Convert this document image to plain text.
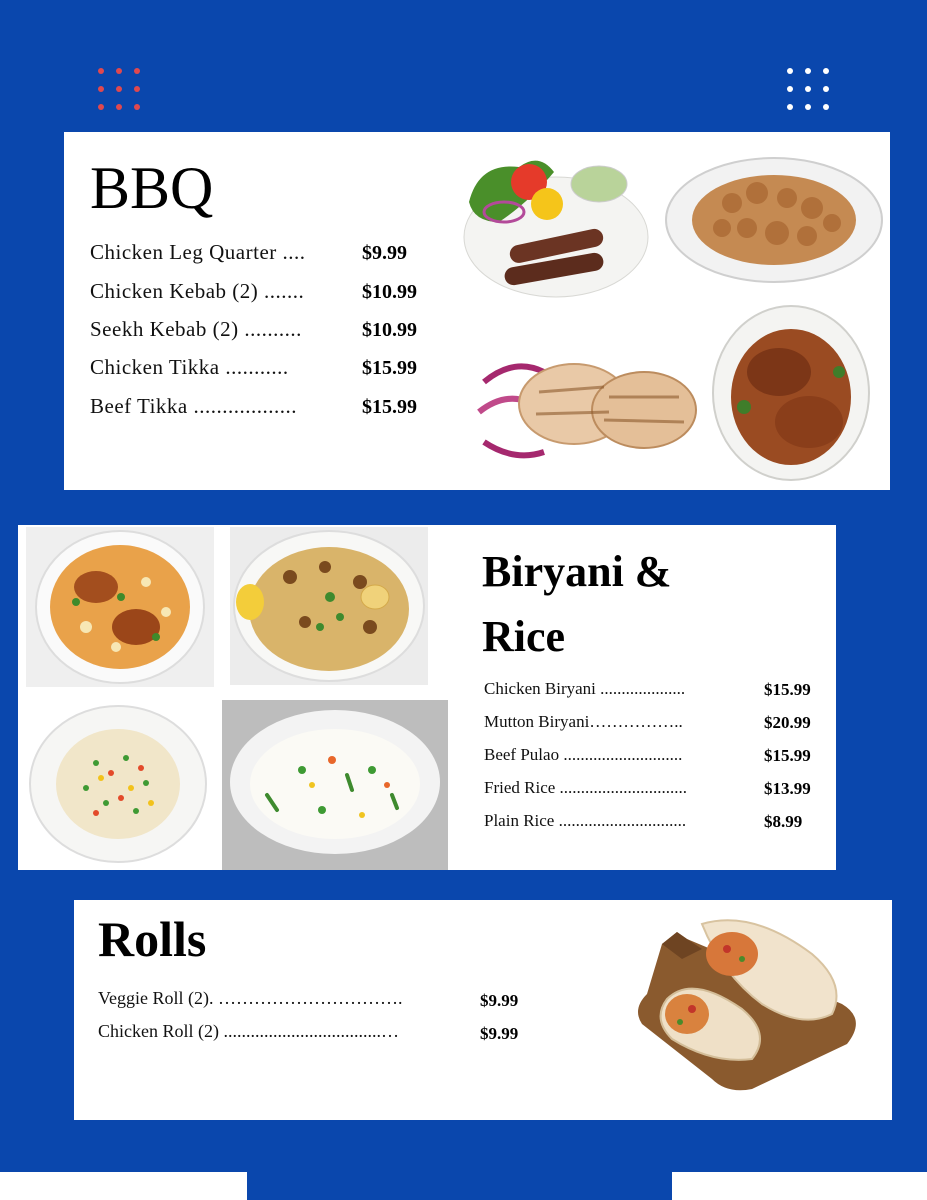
BBQ
Chicken Leg Quarter ....	$9.99
Chicken Kebab (2) .......	$10.99
Seekh Kebab (2) ..........	$10.99
Chicken Tikka ...........	$15.99
Beef Tikka ..................	$15.99
Biryani & Rice
Chicken Biryani ....................	$15.99
Mutton Biryani……………..	$20.99
Beef Pulao ............................	$15.99
Fried Rice ..............................	$13.99
Plain Rice ..............................	$8.99
Rolls
Veggie Roll (2). ………………………….	$9.99
Chicken Roll (2) ...................................…	$9.99
